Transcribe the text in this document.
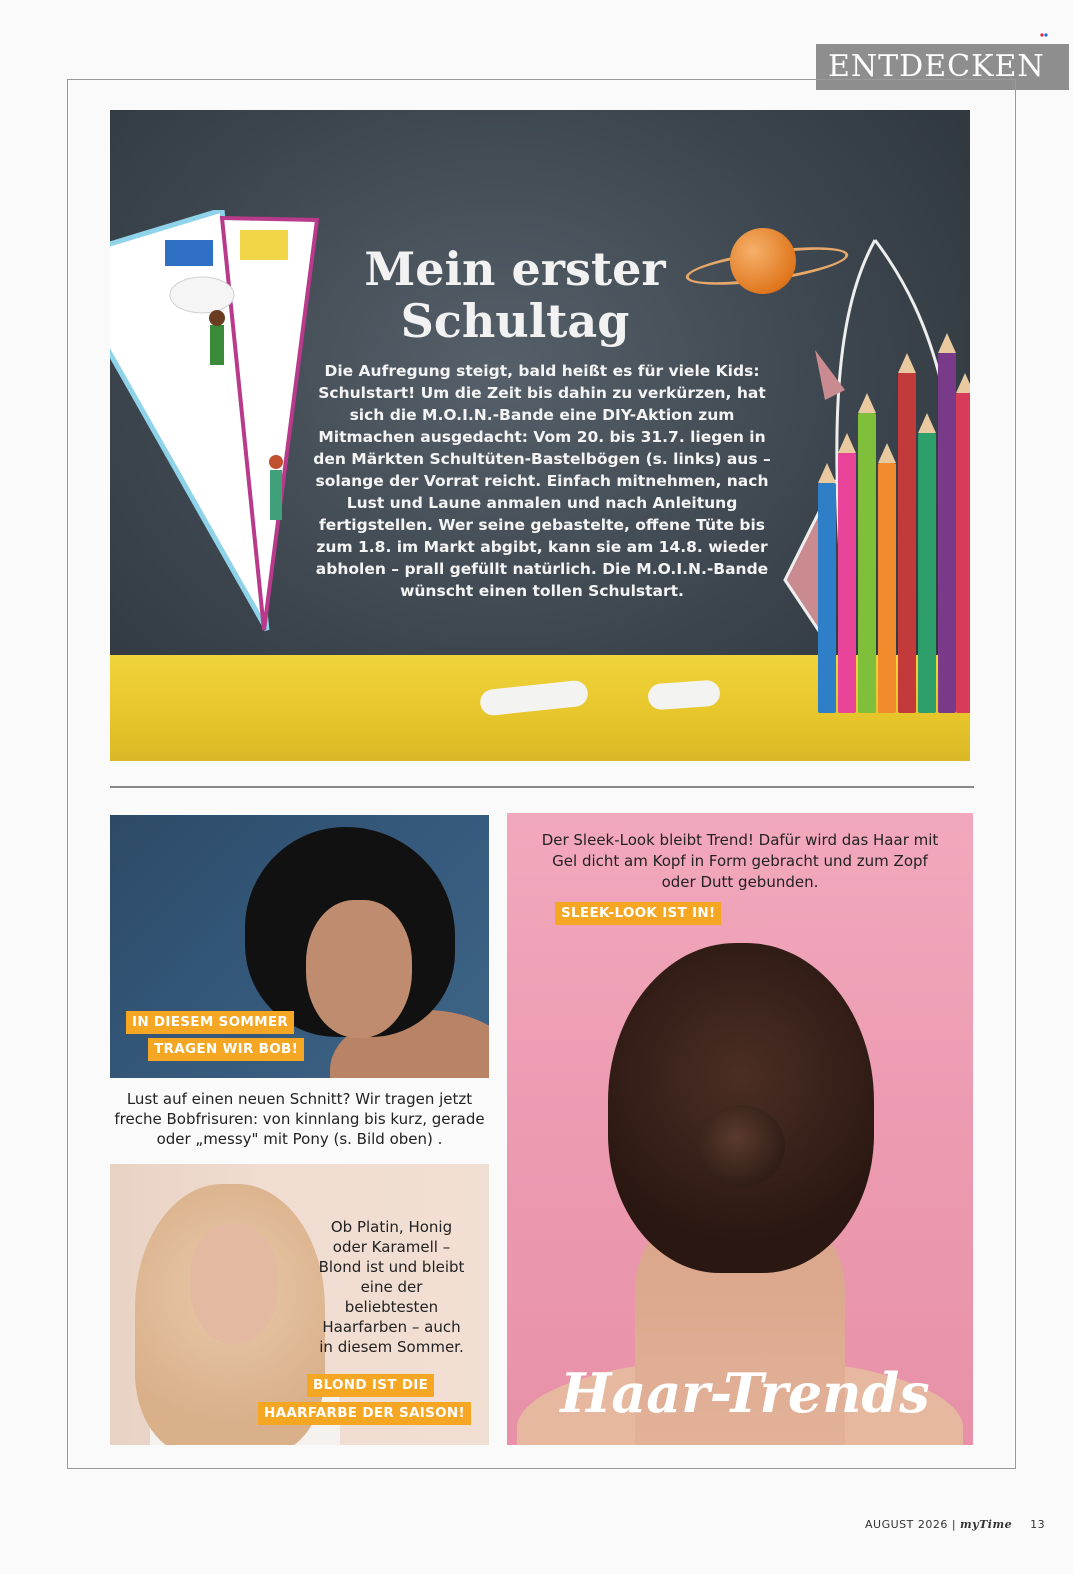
ENTDECKEN
Mein erster
Schultag
Die Aufregung steigt, bald heißt es für viele Kids: Schulstart! Um die Zeit bis dahin zu verkürzen, hat sich die M.O.I.N.-Bande eine DIY-Aktion zum Mitmachen ausgedacht: Vom 20. bis 31.7. liegen in den Märkten Schultüten-Bastelbögen (s. links) aus – solange der Vorrat reicht. Einfach mitnehmen, nach Lust und Laune anmalen und nach Anleitung fertigstellen. Wer seine gebastelte, offene Tüte bis zum 1.8. im Markt abgibt, kann sie am 14.8. wieder abholen – prall gefüllt natürlich. Die M.O.I.N.-Bande wünscht einen tollen Schulstart.
IN DIESEM SOMMER
TRAGEN WIR BOB!
Lust auf einen neuen Schnitt? Wir tragen jetzt freche Bobfrisuren: von kinnlang bis kurz, gerade oder „messy" mit Pony (s. Bild oben) .
Ob Platin, Honig oder Karamell – Blond ist und bleibt eine der beliebtesten Haarfarben – auch in diesem Sommer.
BLOND IST DIE
HAARFARBE DER SAISON!
Der Sleek-Look bleibt Trend! Dafür wird das Haar mit Gel dicht am Kopf in Form gebracht und zum Zopf oder Dutt gebunden.
SLEEK-LOOK IST IN!
Haar-Trends
AUGUST 2026 | myTime 13
